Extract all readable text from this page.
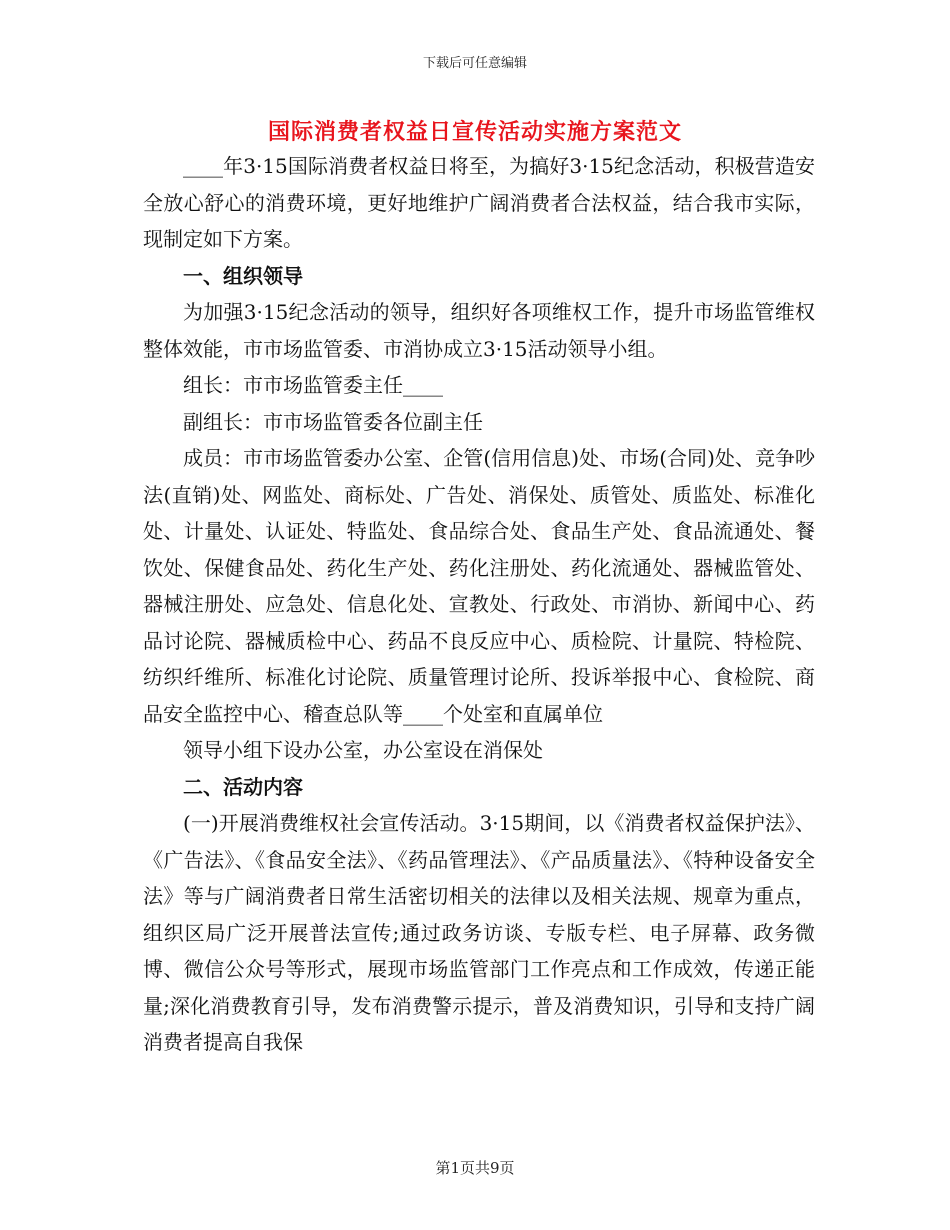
下载后可任意编辑
国际消费者权益日宣传活动实施方案范文

____年3·15国际消费者权益日将至，为搞好3·15纪念活动，积极营造安全放心舒心的消费环境，更好地维护广阔消费者合法权益，结合我市实际，现制定如下方案。

一、组织领导

为加强3·15纪念活动的领导，组织好各项维权工作，提升市场监管维权整体效能，市市场监管委、市消协成立3·15活动领导小组。

组长：市市场监管委主任____

副组长：市市场监管委各位副主任

成员：市市场监管委办公室、企管(信用信息)处、市场(合同)处、竞争吵法(直销)处、网监处、商标处、广告处、消保处、质管处、质监处、标准化处、计量处、认证处、特监处、食品综合处、食品生产处、食品流通处、餐饮处、保健食品处、药化生产处、药化注册处、药化流通处、器械监管处、器械注册处、应急处、信息化处、宣教处、行政处、市消协、新闻中心、药品讨论院、器械质检中心、药品不良反应中心、质检院、计量院、特检院、纺织纤维所、标准化讨论院、质量管理讨论所、投诉举报中心、食检院、商品安全监控中心、稽查总队等____个处室和直属单位

领导小组下设办公室，办公室设在消保处

二、活动内容

(一)开展消费维权社会宣传活动。3·15期间，以《消费者权益保护法》、《广告法》、《食品安全法》、《药品管理法》、《产品质量法》、《特种设备安全法》等与广阔消费者日常生活密切相关的法律以及相关法规、规章为重点，组织区局广泛开展普法宣传;通过政务访谈、专版专栏、电子屏幕、政务微博、微信公众号等形式，展现市场监管部门工作亮点和工作成效，传递正能量;深化消费教育引导，发布消费警示提示，普及消费知识，引导和支持广阔消费者提高自我保

第1页共9页
